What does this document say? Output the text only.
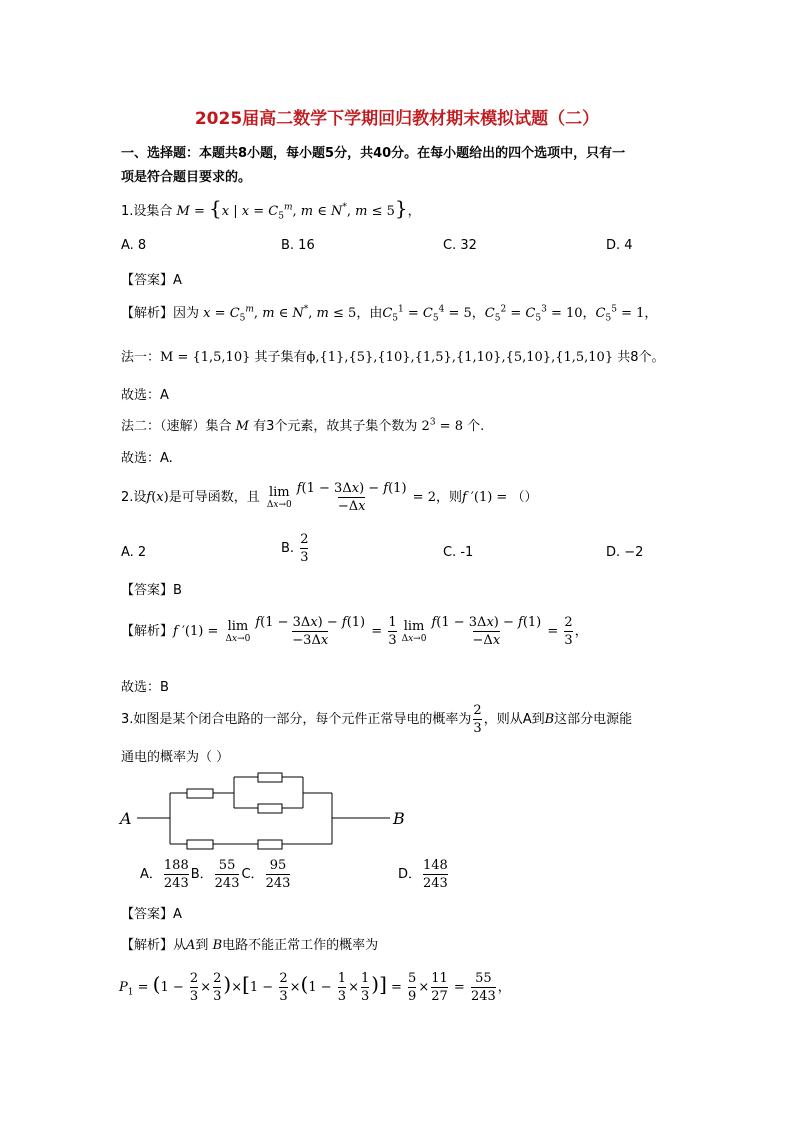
2025届高二数学下学期回归教材期末模拟试题（二）
一、选择题：本题共8小题，每小题5分，共40分。在每小题给出的四个选项中，只有一
项是符合题目要求的。
1.设集合 M = {x | $x = C_5^m$, m ∈ N*, m ≤ 5}，
A. 8	B. 16	C. 32	D. 4
【答案】A
【解析】因为 $x = C_5^m$, m ∈ N*, m ≤ 5，由$C_5^1 = C_5^4 = 5$，$C_5^2 = C_5^3 = 10$，$C_5^5 = 1$，
法一：M = {1,5,10} 其子集有ϕ,{1},{5},{10},{1,5},{1,10},{5,10},{1,5,10} 共8个。
故选：A
法二：（速解）集合 M 有3个元素，故其子集个数为 $2^3 = 8$ 个.
故选：A.
2.设f(x)是可导函数，且 lim
$\Delta x\to 0 \frac{f(1 - 3\Delta x) - f(1)}{-\Delta x} = 2$，则f ′(1) = （）
A. 2	B. $\frac{2}{3}$	C. -1	D. −2
【答案】B
【解析】f ′(1) = lim
$\Delta x\to 0 \frac{f(1 - 3\Delta x) - f(1)}{-3\Delta x} = \frac{1}{3}$ lim
$\Delta x\to 0 \frac{f(1 - 3\Delta x) - f(1)}{-\Delta x} = \frac{2}{3}$ ，
故选：B
3.如图是某个闭合电路的一部分，每个元件正常导电的概率为 $\frac{2}{3}$ ，则从A到B这部分电源能
通电的概率为（ ）
A	B
A． $\frac{188}{243}$ B． $\frac{55}{243}$ C． $\frac{95}{243}$	D． $\frac{148}{243}$
【答案】A
【解析】从A到 B电路不能正常工作的概率为
$P_1 = (1 - \frac{2}{3} \times \frac{2}{3} )\times[1 - \frac{2}{3} \times(1 - \frac{1}{3} \times \frac{1}{3}$ )] = $\frac{5}{9} \times \frac{11}{27} = \frac{55}{243}$ ，
